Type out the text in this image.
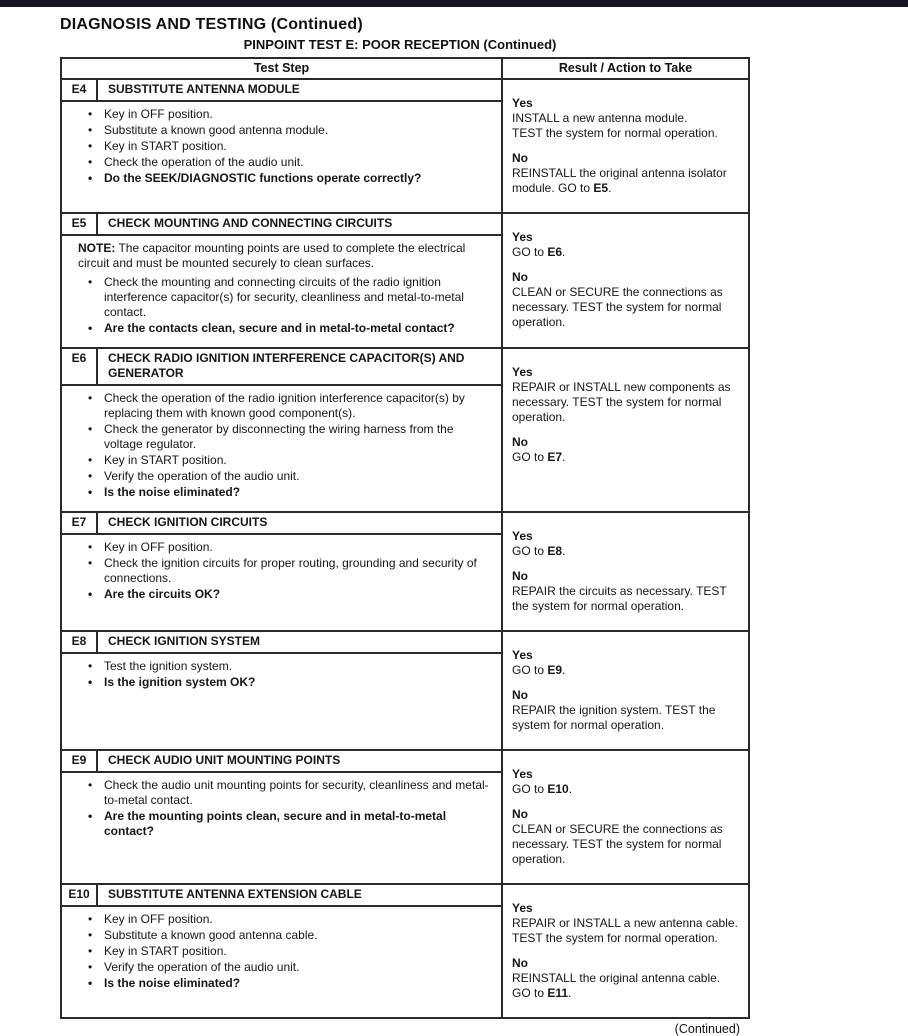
DIAGNOSIS AND TESTING (Continued)
PINPOINT TEST E: POOR RECEPTION (Continued)
Test Step	Result / Action to Take

E4	SUBSTITUTE ANTENNA MODULE
• Key in OFF position.
• Substitute a known good antenna module.
• Key in START position.
• Check the operation of the audio unit.
• Do the SEEK/DIAGNOSTIC functions operate correctly?

Yes
INSTALL a new antenna module.
TEST the system for normal operation.
No
REINSTALL the original antenna isolator module. GO to E5.

E5	CHECK MOUNTING AND CONNECTING CIRCUITS

NOTE: The capacitor mounting points are used to complete the electrical circuit and must be mounted securely to clean surfaces.

• Check the mounting and connecting circuits of the radio ignition interference capacitor(s) for security, cleanliness and metal-to-metal contact.
• Are the contacts clean, secure and in metal-to-metal contact?

Yes
GO to E6.
No
CLEAN or SECURE the connections as necessary. TEST the system for normal operation.

E6	CHECK RADIO IGNITION INTERFERENCE CAPACITOR(S) AND GENERATOR
• Check the operation of the radio ignition interference capacitor(s) by replacing them with known good component(s).
• Check the generator by disconnecting the wiring harness from the voltage regulator.
• Key in START position.
• Verify the operation of the audio unit.
• Is the noise eliminated?

Yes
REPAIR or INSTALL new components as necessary. TEST the system for normal operation.
No
GO to E7.

E7	CHECK IGNITION CIRCUITS
• Key in OFF position.
• Check the ignition circuits for proper routing, grounding and security of connections.
• Are the circuits OK?

Yes
GO to E8.
No
REPAIR the circuits as necessary. TEST the system for normal operation.

E8	CHECK IGNITION SYSTEM
• Test the ignition system.
• Is the ignition system OK?

Yes
GO to E9.
No
REPAIR the ignition system. TEST the system for normal operation.

E9	CHECK AUDIO UNIT MOUNTING POINTS
• Check the audio unit mounting points for security, cleanliness and metal-to-metal contact.
• Are the mounting points clean, secure and in metal-to-metal contact?

Yes
GO to E10.
No
CLEAN or SECURE the connections as necessary. TEST the system for normal operation.

E10	SUBSTITUTE ANTENNA EXTENSION CABLE
• Key in OFF position.
• Substitute a known good antenna cable.
• Key in START position.
• Verify the operation of the audio unit.
• Is the noise eliminated?

Yes
REPAIR or INSTALL a new antenna cable. TEST the system for normal operation.
No
REINSTALL the original antenna cable. GO to E11.
(Continued)
